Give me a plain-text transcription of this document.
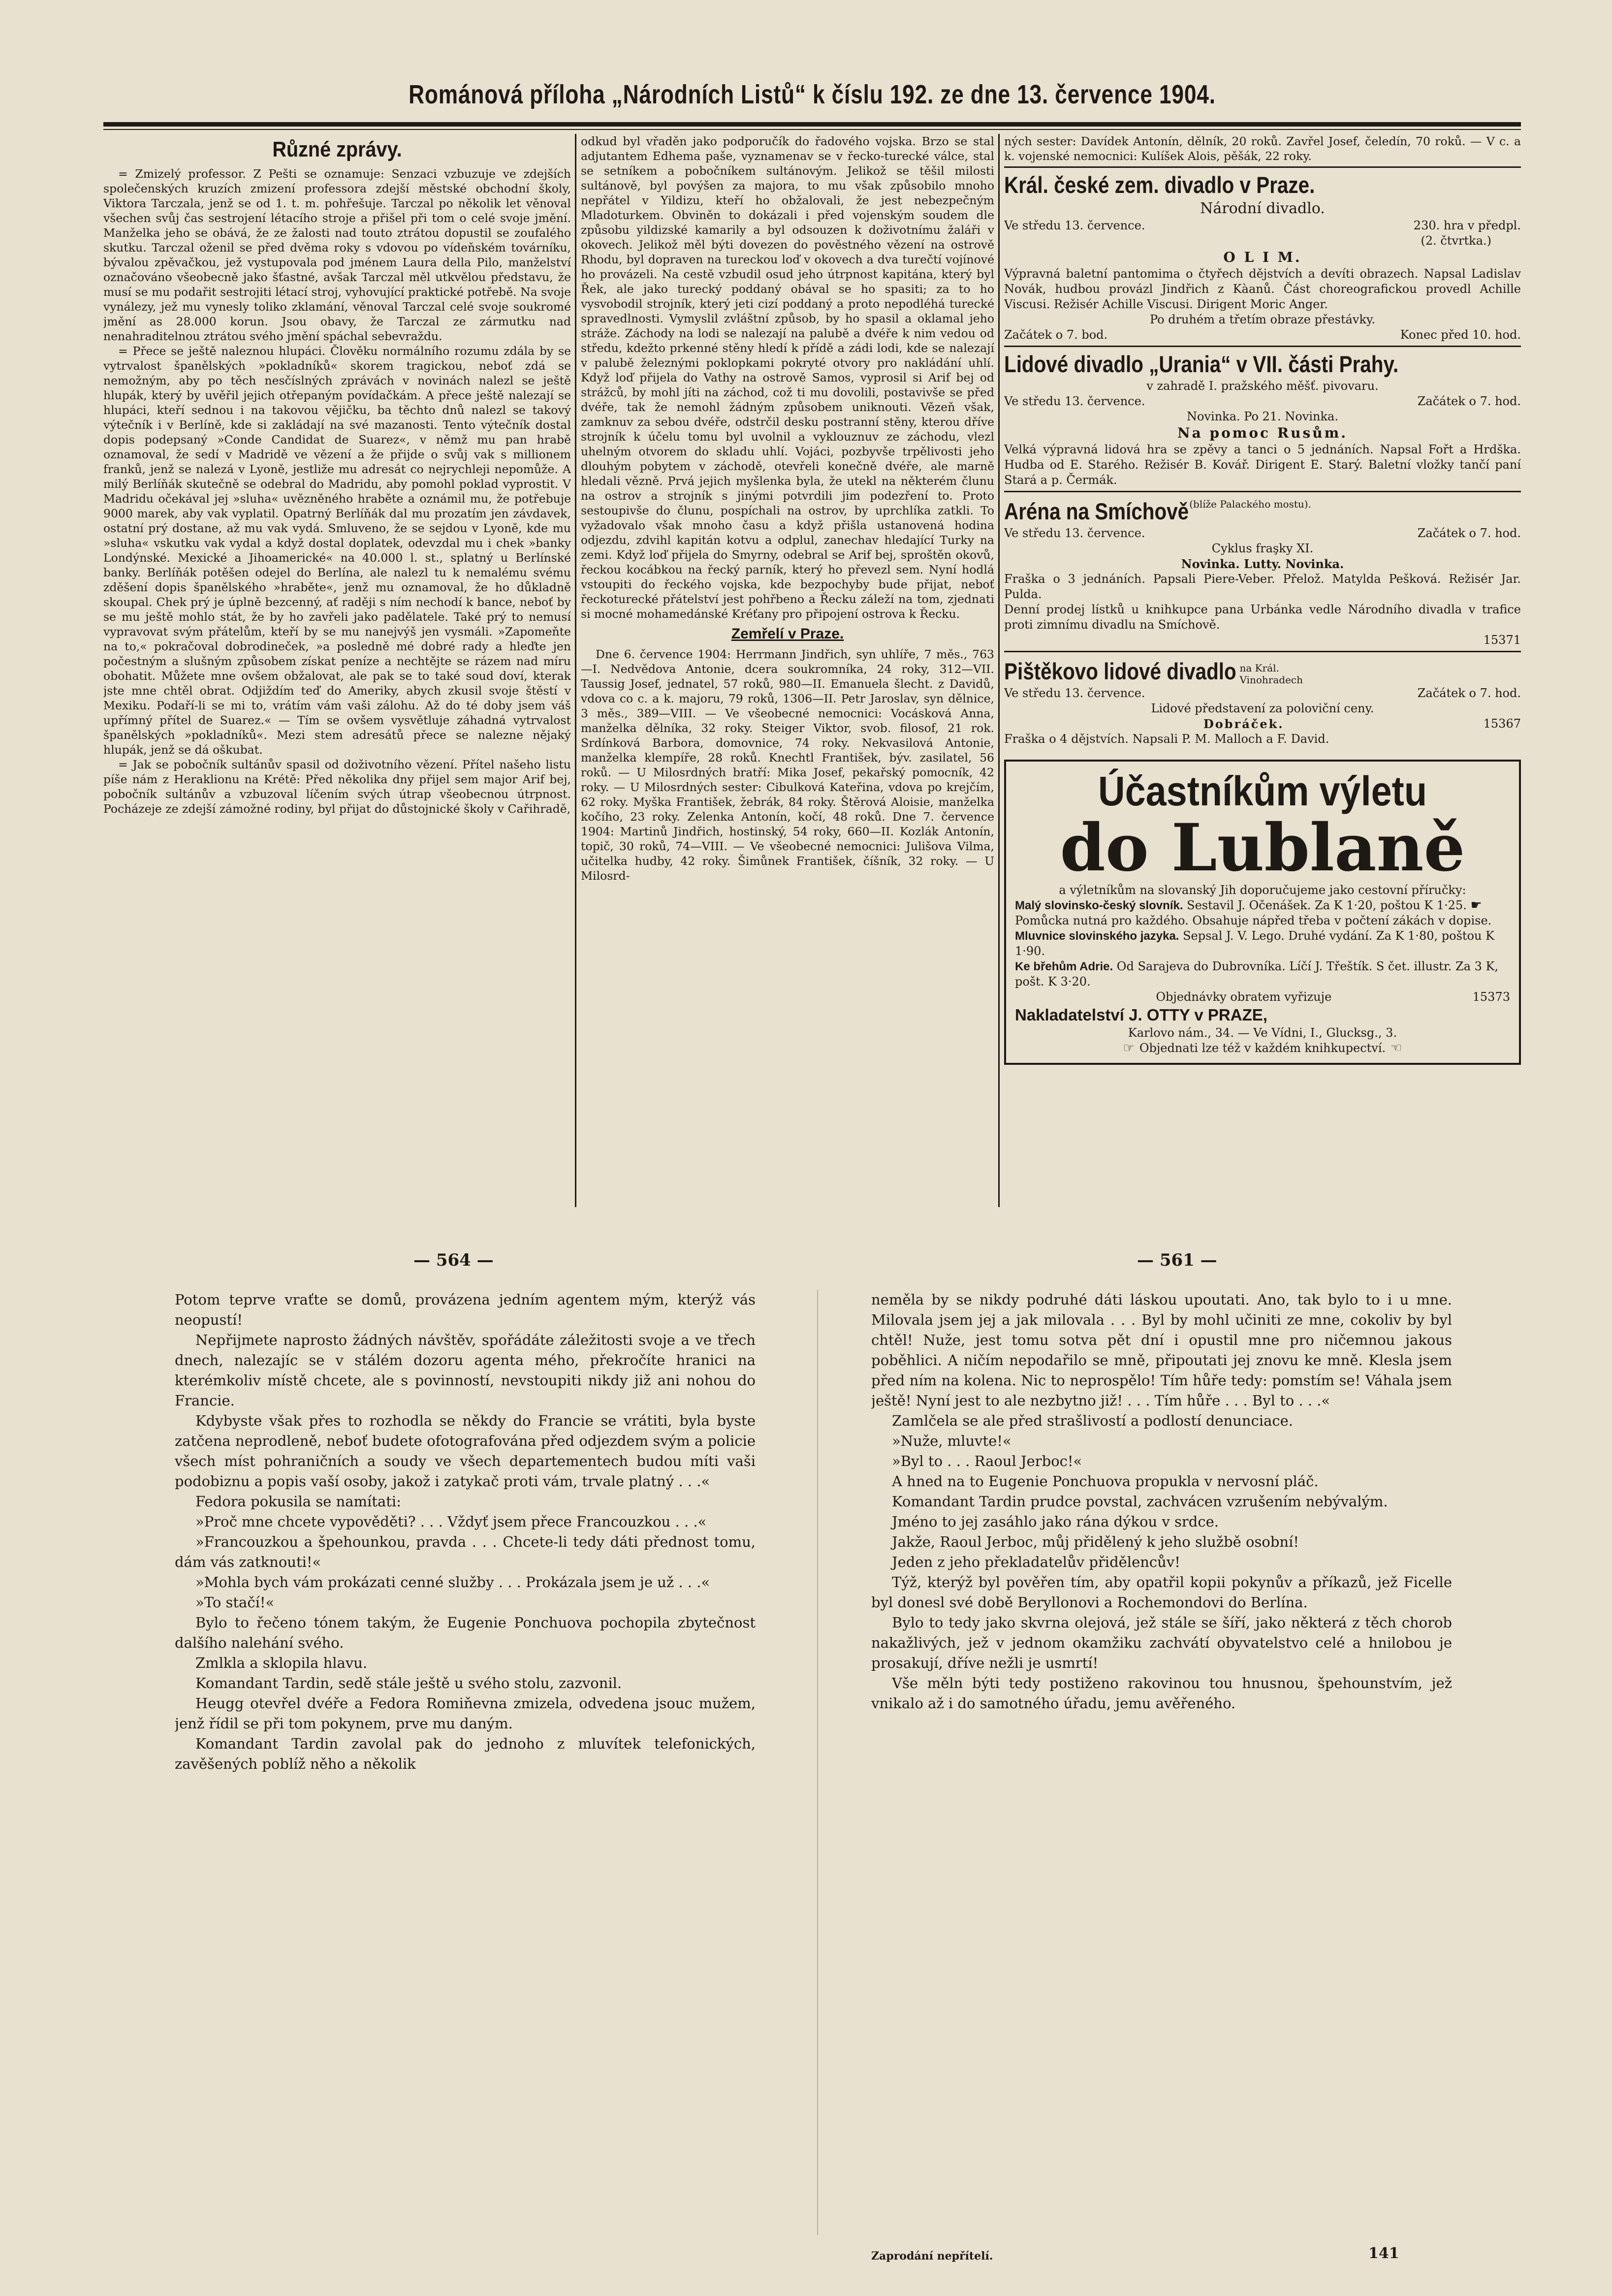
Románová příloha „Národních Listů“ k číslu 192. ze dne 13. července 1904.
Různé zprávy.

= Zmizelý professor. Z Pešti se oznamuje: Senzaci vzbuzuje ve zdejších společenských kruzích zmizení professora zdejší městské obchodní školy, Viktora Tarczala, jenž se od 1. t. m. pohřešuje. Tarczal po několik let věnoval všechen svůj čas sestrojení létacího stroje a přišel při tom o celé svoje jmění. Manželka jeho se obává, že ze žalosti nad touto ztrátou dopustil se zoufalého skutku. Tarczal oženil se před dvěma roky s vdovou po vídeňském továrníku, bývalou zpěvačkou, jež vystupovala pod jménem Laura della Pilo, manželství označováno všeobecně jako šťastné, avšak Tarczal měl utkvělou představu, že musí se mu podařit sestrojiti létací stroj, vyhovující praktické potřebě. Na svoje vynálezy, jež mu vynesly toliko zklamání, věnoval Tarczal celé svoje soukromé jmění as 28.000 korun. Jsou obavy, že Tarczal ze zármutku nad nenahraditelnou ztrátou svého jmění spáchal sebevraždu.

= Přece se ještě naleznou hlupáci. Člověku normálního rozumu zdála by se vytrvalost španělských »pokladníků« skorem tragickou, neboť zdá se nemožným, aby po těch nesčíslných zprávách v novinách nalezl se ještě hlupák, který by uvěřil jejich otřepaným povídačkám. A přece ještě nalezají se hlupáci, kteří sednou i na takovou vějičku, ba těchto dnů nalezl se takový výtečník i v Berlíně, kde si zakládají na své mazanosti. Tento výtečník dostal dopis podepsaný »Conde Candidat de Suarez«, v němž mu pan hrabě oznamoval, že sedí v Madridě ve vězení a že přijde o svůj vak s millionem franků, jenž se nalezá v Lyoně, jestliže mu adresát co nejrychleji nepomůže. A milý Berlíňák skutečně se odebral do Madridu, aby pomohl poklad vyprostit. V Madridu očekával jej »sluha« uvězněného hraběte a oznámil mu, že potřebuje 9000 marek, aby vak vyplatil. Opatrný Berlíňák dal mu prozatím jen závdavek, ostatní prý dostane, až mu vak vydá. Smluveno, že se sejdou v Lyoně, kde mu »sluha« vskutku vak vydal a když dostal doplatek, odevzdal mu i chek »banky Londýnské. Mexické a Jihoamerické« na 40.000 l. st., splatný u Berlínské banky. Berlíňák potěšen odejel do Berlína, ale nalezl tu k nemalému svému zděšení dopis španělského »hraběte«, jenž mu oznamoval, že ho důkladně skoupal. Chek prý je úplně bezcenný, ať raději s ním nechodí k bance, neboť by se mu ještě mohlo stát, že by ho zavřeli jako padělatele. Také prý to nemusí vypravovat svým přátelům, kteří by se mu nanejvýš jen vysmáli. »Zapomeňte na to,« pokračoval dobrodineček, »a posledně mé dobré rady a hleďte jen počestným a slušným způsobem získat peníze a nechtějte se rázem nad míru obohatit. Můžete mne ovšem obžalovat, ale pak se to také soud doví, kterak jste mne chtěl obrat. Odjiždím teď do Ameriky, abych zkusil svoje štěstí v Mexiku. Podaří-li se mi to, vrátím vám vaši zálohu. Až do té doby jsem váš upřímný přítel de Suarez.« — Tím se ovšem vysvětluje záhadná vytrvalost španělských »pokladníků«. Mezi stem adresátů přece se nalezne nějaký hlupák, jenž se dá oškubat.

= Jak se pobočník sultánův spasil od doživotního vězení. Přítel našeho listu píše nám z Heraklionu na Krétě: Před několika dny přijel sem major Arif bej, pobočník sultánův a vzbuzoval líčením svých útrap všeobecnou útrpnost. Pocházeje ze zdejší zámožné rodiny, byl přijat do důstojnické školy v Cařihradě,

odkud byl vřaděn jako podporučík do řadového vojska. Brzo se stal adjutantem Edhema paše, vyznamenav se v řecko-turecké válce, stal se setníkem a pobočníkem sultánovým. Jelikož se těšil milosti sultánově, byl povýšen za majora, to mu však způsobilo mnoho nepřátel v Yildizu, kteří ho obžalovali, že jest nebezpečným Mladoturkem. Obviněn to dokázali i před vojenským soudem dle způsobu yildizské kamarily a byl odsouzen k doživotnímu žaláři v okovech. Jelikož měl býti dovezen do pověstného vězení na ostrově Rhodu, byl dopraven na tureckou loď v okovech a dva turečtí vojínové ho provázeli. Na cestě vzbudil osud jeho útrpnost kapitána, který byl Řek, ale jako turecký poddaný obával se ho spasiti; za to ho vysvobodil strojník, který jeti cizí poddaný a proto nepodléhá turecké spravedlnosti. Vymyslil zvláštní způsob, by ho spasil a oklamal jeho stráže. Záchody na lodi se nalezají na palubě a dvéře k nim vedou od středu, kdežto prkenné stěny hledí k přídě a zádi lodi, kde se nalezají v palubě železnými poklopkami pokryté otvory pro nakládání uhlí. Když loď přijela do Vathy na ostrově Samos, vyprosil si Arif bej od strážců, by mohl jíti na záchod, což ti mu dovolili, postavivše se před dvéře, tak že nemohl žádným způsobem uniknouti. Vězeň však, zamknuv za sebou dvéře, odstrčil desku postranní stěny, kterou dříve strojník k účelu tomu byl uvolnil a vyklouznuv ze záchodu, vlezl uhelným otvorem do skladu uhlí. Vojáci, pozbyvše trpělivosti jeho dlouhým pobytem v záchodě, otevřeli konečně dvéře, ale marně hledali vězně. Prvá jejich myšlenka byla, že utekl na některém člunu na ostrov a strojník s jinými potvrdili jim podezření to. Proto sestoupivše do člunu, pospíchali na ostrov, by uprchlíka zatkli. To vyžadovalo však mnoho času a když přišla ustanovená hodina odjezdu, zdvihl kapitán kotvu a odplul, zanechav hledající Turky na zemi. Když loď přijela do Smyrny, odebral se Arif bej, sproštěn okovů, řeckou kocábkou na řecký parník, který ho převezl sem. Nyní hodlá vstoupiti do řeckého vojska, kde bezpochyby bude přijat, neboť řeckoturecké přátelství jest pohřbeno a Řecku záleží na tom, zjednati si mocné mohamedánské Kréťany pro připojení ostrova k Řecku.

Zemřelí v Praze.

Dne 6. července 1904: Herrmann Jindřich, syn uhlíře, 7 měs., 763—I. Nedvědova Antonie, dcera soukromníka, 24 roky, 312—VII. Taussig Josef, jednatel, 57 roků, 980—II. Emanuela šlecht. z Davidů, vdova co c. a k. majoru, 79 roků, 1306—II. Petr Jaroslav, syn dělnice, 3 měs., 389—VIII. — Ve všeobecné nemocnici: Vocásková Anna, manželka dělníka, 32 roky. Steiger Viktor, svob. filosof, 21 rok. Srdínková Barbora, domovnice, 74 roky. Nekvasilová Antonie, manželka klempíře, 28 roků. Knechtl František, býv. zasilatel, 56 roků. — U Milosrdných bratří: Mika Josef, pekařský pomocník, 42 roky. — U Milosrdných sester: Cibulková Kateřina, vdova po krejčím, 62 roky. Myška František, žebrák, 84 roky. Štěrová Aloisie, manželka kočího, 23 roky. Zelenka Antonín, kočí, 48 roků. Dne 7. července 1904: Martinů Jindřich, hostinský, 54 roky, 660—II. Kozlák Antonín, topič, 30 roků, 74—VIII. — Ve všeobecné nemocnici: Julišova Vilma, učitelka hudby, 42 roky. Šimůnek František, číšník, 32 roky. — U Milosrd-

ných sester: Davídek Antonín, dělník, 20 roků. Zavřel Josef, čeledín, 70 roků. — V c. a k. vojenské nemocnici: Kulíšek Alois, pěšák, 22 roky.

Král. české zem. divadlo v Praze.
Národní divadlo.
Ve středu 13. července.	230. hra v předpl.
(2. čtvrtka.)
O L I M.
Výpravná baletní pantomima o čtyřech dějstvích a devíti obrazech. Napsal Ladislav Novák, hudbou provázl Jindřich z Kàanů. Část choreografickou provedl Achille Viscusi. Režisér Achille Viscusi. Dirigent Moric Anger.
Po druhém a třetím obraze přestávky.
Začátek o 7. bod.	Konec před 10. hod.
Lidové divadlo „Urania“ v VII. části Prahy.
v zahradě I. pražského měšť. pivovaru.
Ve středu 13. července.	Začátek o 7. hod.
Novinka. Po 21. Novinka.
Na pomoc Rusům.
Velká výpravná lidová hra se zpěvy a tanci o 5 jednáních. Napsal Fořt a Hrdška. Hudba od E. Starého. Režisér B. Kovář. Dirigent E. Starý. Baletní vložky tančí paní Stará a p. Čermák.
Aréna na Smíchově (blíže Palackého mostu).
Ve středu 13. července.	Začátek o 7. hod.
Cyklus fraşky XI.
Novinka. Lutty. Novinka.
Fraška o 3 jednáních. Papsali Piere-Veber. Přelož. Matylda Pešková. Režisér Jar. Pulda.
Denní prodej lístků u knihkupce pana Urbánka vedle Národního divadla v trafice proti zimnímu divadlu na Smíchově.
15371
Pištěkovo lidové divadlo na Král. Vinohradech
Ve středu 13. července.	Začátek o 7. hod.
Lidové představení za poloviční ceny.
Dobráček.	15367
Fraška o 4 dějstvích. Napsali P. M. Malloch a F. David.
Účastníkům výletu
do Lublaně
a výletníkům na slovanský Jih doporučujeme jako cestovní příručky:
Malý slovinsko-český slovník. Sestavil J. Očenášek. Za K 1·20, poštou K 1·25. ☛ Pomůcka nutná pro každého. Obsahuje nápřed třeba v počtení zákách v dopise.
Mluvnice slovinského jazyka. Sepsal J. V. Lego. Druhé vydání. Za K 1·80, poštou K 1·90.
Ke břehům Adrie. Od Sarajeva do Dubrovníka. Líčí J. Třeštík. S čet. illustr. Za 3 K, pošt. K 3·20.
Objednávky obratem vyřizuje	15373
Nakladatelství J. OTTY v PRAZE,
Karlovo nám., 34. — Ve Vídni, I., Glucksg., 3.
☞ Objednati lze též v každém knihkupectví. ☜
— 564 —	— 561 —

Potom teprve vraťte se domů, provázena jedním agentem mým, kterýž vás neopustí!

Nepřijmete naprosto žádných návštěv, spořádáte záležitosti svoje a ve třech dnech, nalezajíc se v stálém dozoru agenta mého, překročíte hranici na kterémkoliv místě chcete, ale s povinností, nevstoupiti nikdy již ani nohou do Francie.

Kdybyste však přes to rozhodla se někdy do Francie se vrátiti, byla byste zatčena neprodleně, neboť budete ofotografována před odjezdem svým a policie všech míst pohraničních a soudy ve všech departementech budou míti vaši podobiznu a popis vaší osoby, jakož i zatykač proti vám, trvale platný . . .«

Fedora pokusila se namítati:

»Proč mne chcete vypověděti? . . . Vždyť jsem přece Francouzkou . . .«

»Francouzkou a špehounkou, pravda . . . Chcete-li tedy dáti přednost tomu, dám vás zatknouti!«

»Mohla bych vám prokázati cenné služby . . . Prokázala jsem je už . . .«

»To stačí!«

Bylo to řečeno tónem takým, že Eugenie Ponchuova pochopila zbytečnost dalšího nalehání svého.

Zmlkla a sklopila hlavu.

Komandant Tardin, sedě stále ještě u svého stolu, zazvonil.

Heugg otevřel dvéře a Fedora Romiňevna zmizela, odvedena jsouc mužem, jenž řídil se při tom pokynem, prve mu daným.

Komandant Tardin zavolal pak do jednoho z mluvítek telefonických, zavěšených poblíž něho a několik

neměla by se nikdy podruhé dáti láskou upoutati. Ano, tak bylo to i u mne. Milovala jsem jej a jak milovala . . . Byl by mohl učiniti ze mne, cokoliv by byl chtěl! Nuže, jest tomu sotva pět dní i opustil mne pro ničemnou jakous poběhlici. A ničím nepodařilo se mně, připoutati jej znovu ke mně. Klesla jsem před ním na kolena. Nic to neprospělo! Tím hůře tedy: pomstím se! Váhala jsem ještě! Nyní jest to ale nezbytno již! . . . Tím hůře . . . Byl to . . .«

Zamlčela se ale před strašlivostí a podlostí denunciace.

»Nuže, mluvte!«

»Byl to . . . Raoul Jerboc!«

A hned na to Eugenie Ponchuova propukla v nervosní pláč.

Komandant Tardin prudce povstal, zachvácen vzrušením nebývalým.

Jméno to jej zasáhlo jako rána dýkou v srdce.

Jakže, Raoul Jerboc, můj přidělený k jeho službě osobní!

Jeden z jeho překladatelův přidělencův!

Týž, kterýž byl pověřen tím, aby opatřil kopii pokynův a příkazů, jež Ficelle byl donesl své době Beryllonovi a Rochemondovi do Berlína.

Bylo to tedy jako skvrna olejová, jež stále se šíří, jako některá z těch chorob nakažlivých, jež v jednom okamžiku zachvátí obyvatelstvo celé a hnilobou je prosakují, dříve nežli je usmrtí!

Vše měln býti tedy postiženo rakovinou tou hnusnou, špehounstvím, jež vnikalo až i do samotného úřadu, jemu avěřeného.

Zaprodání nepřítelí.	141
